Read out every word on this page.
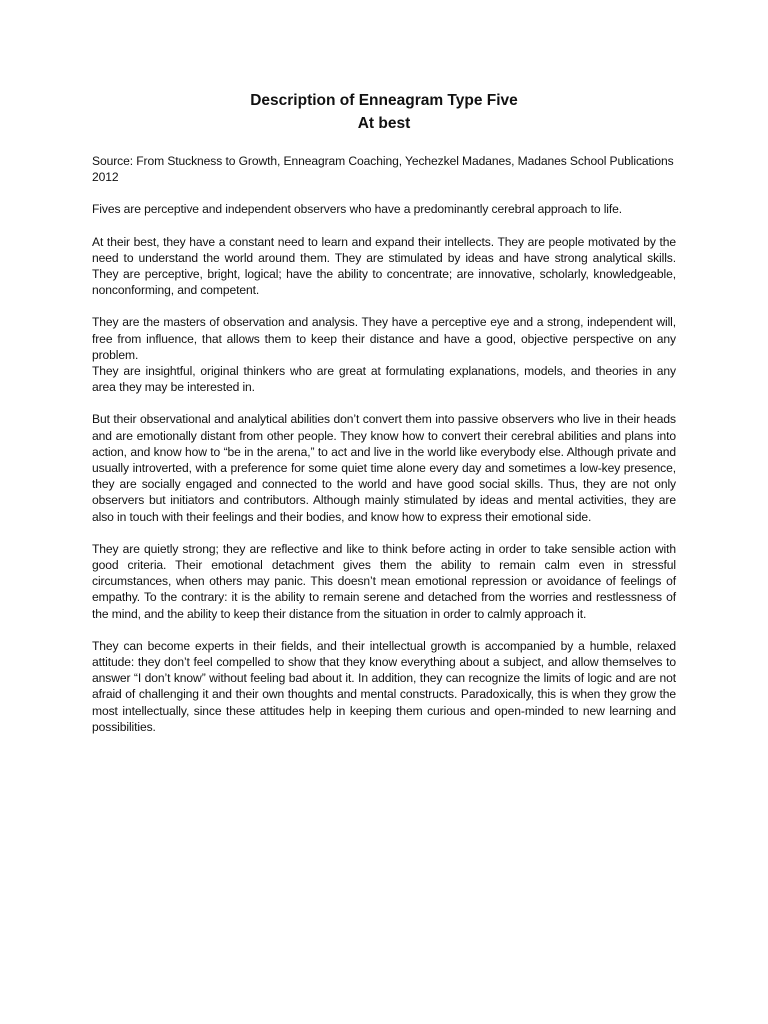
Description of Enneagram Type Five
At best

Source: From Stuckness to Growth, Enneagram Coaching, Yechezkel Madanes, Madanes School Publications 2012

Fives are perceptive and independent observers who have a predominantly cerebral approach to life.

At their best, they have a constant need to learn and expand their intellects. They are people motivated by the need to understand the world around them. They are stimulated by ideas and have strong analytical skills. They are perceptive, bright, logical; have the ability to concentrate; are innovative, scholarly, knowledgeable, nonconforming, and competent.

They are the masters of observation and analysis. They have a perceptive eye and a strong, independent will, free from influence, that allows them to keep their distance and have a good, objective perspective on any problem.

They are insightful, original thinkers who are great at formulating explanations, models, and theories in any area they may be interested in.

But their observational and analytical abilities don’t convert them into passive observers who live in their heads and are emotionally distant from other people. They know how to convert their cerebral abilities and plans into action, and know how to “be in the arena,” to act and live in the world like everybody else. Although private and usually introverted, with a preference for some quiet time alone every day and sometimes a low-key presence, they are socially engaged and connected to the world and have good social skills. Thus, they are not only observers but initiators and contributors. Although mainly stimulated by ideas and mental activities, they are also in touch with their feelings and their bodies, and know how to express their emotional side.

They are quietly strong; they are reflective and like to think before acting in order to take sensible action with good criteria. Their emotional detachment gives them the ability to remain calm even in stressful circumstances, when others may panic. This doesn’t mean emotional repression or avoidance of feelings of empathy. To the contrary: it is the ability to remain serene and detached from the worries and restlessness of the mind, and the ability to keep their distance from the situation in order to calmly approach it.

They can become experts in their fields, and their intellectual growth is accompanied by a humble, relaxed attitude: they don’t feel compelled to show that they know everything about a subject, and allow themselves to answer “I don’t know” without feeling bad about it. In addition, they can recognize the limits of logic and are not afraid of challenging it and their own thoughts and mental constructs. Paradoxically, this is when they grow the most intellectually, since these attitudes help in keeping them curious and open-minded to new learning and possibilities.
